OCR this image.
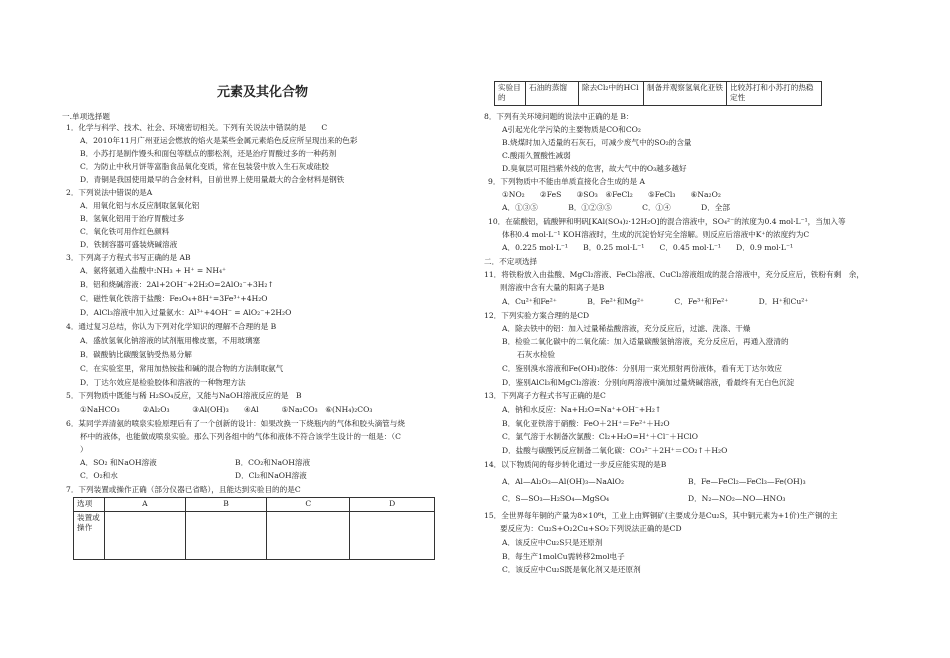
元素及其化合物
一.单项选择题
1．化学与科学、技术、社会、环境密切相关。下列有关说法中错误的是　　C
A．2010年11月广州亚运会燃放的焰火是某些金属元素焰色反应所呈现出来的色彩
B．小苏打是制作馒头和面包等糕点的膨松剂，还是治疗胃酸过多的一种药剂
C．为防止中秋月饼等富脂食品氧化变质，常在包装袋中放入生石灰或硅胶
D．青铜是我国使用最早的合金材料，目前世界上使用量最大的合金材料是钢铁
2．下列说法中错误的是A
A．用氧化铝与水反应制取氢氧化铝
B．氢氧化铝用于治疗胃酸过多
C．氧化铁可用作红色颜料
D．铁制容器可盛装烧碱溶液
3．下列离子方程式书写正确的是 AB
A．氨将氨通入盐酸中:NH₃ + H⁺ = NH₄⁺
B．铝和烧碱溶液：2Al+2OH⁻+2H₂O=2AlO₂⁻+3H₂↑
C．磁性氧化铁溶于盐酸：Fe₃O₄+8H⁺=3Fe³⁺+4H₂O
D．AlCl₃溶液中加入过量氨水：Al³⁺+4OH⁻ = AlO₂⁻+2H₂O
4．通过复习总结，你认为下列对化学知识的理解不合理的是 B
A．盛放氢氧化钠溶液的试剂瓶用橡皮塞，不用玻璃塞
B．碳酸钠比碳酸氢钠受热易分解
C．在实验室里，常用加热铵盐和碱的混合物的方法制取氨气
D．丁达尔效应是检验胶体和溶液的一种物理方法
5．下列物质中既能与稀 H₂SO₄反应，又能与NaOH溶液反应的是　B
①NaHCO₃　　　②Al₂O₃　　　③Al(OH)₃　　④Al　　　⑤Na₂CO₃　⑥(NH₄)₂CO₃
6．某同学弄清氨的喷泉实验原理后有了一个创新的设计：如果改换一下烧瓶内的气体和胶头滴管与烧
杯中的液体，也能做成喷泉实验。那么下列各组中的气体和液体不符合该学生设计的一组是：（C
）
A．SO₂ 和NaOH溶液	B．CO₂和NaOH溶液
C．O₂和水	D．Cl₂和NaOH溶液
7．下列装置或操作正确（部分仪器已省略），且能达到实验目的的是C
选项	A	B	C	D
装置或操作				
实验目的	石油的蒸馏	除去Cl₂中的HCl	制备并观察氢氧化亚铁	比较苏打和小苏打的热稳定性
8．下列有关环境问题的说法中正确的是 B：
A引起光化学污染的主要物质是CO和CO₂
B.烧煤时加入适量的石灰石，可减少废气中的SO₂的含量
C.酸雨久置酸性减弱
D.臭氧层可阻挡紫外线的危害，故大气中的O₃越多越好
9．下列物质中不能由单质直接化合生成的是 A
①NO₂　　②FeS　　③SO₃　④FeCl₂　　⑤FeCl₃　　⑥Na₂O₂
A．①③⑤　　　　B．①②③⑤　　　　C．①④　　　　D．全部
10．在硫酸铝，硫酸钾和明矾[KAl(SO₄)₂·12H₂O]的混合溶液中，SO₄²⁻的浓度为0.4 mol·L⁻¹，当加入等
体积0.4 mol·L⁻¹ KOH溶液时，生成的沉淀恰好完全溶解。则反应后溶液中K⁺的浓度约为C
A．0.225 mol·L⁻¹　　B．0.25 mol·L⁻¹　　C．0.45 mol·L⁻¹　　D．0.9 mol·L⁻¹
二．不定项选择
11．将铁粉放入由盐酸、MgCl₂溶液、FeCl₃溶液、CuCl₂溶液组成的混合溶液中，充分反应后，铁粉有剩　余，
则溶液中含有大量的阳离子是B
A．Cu²⁺和Fe²⁺　　　　B．Fe²⁺和Mg²⁺　　　　C．Fe³⁺和Fe²⁺　　　　D．H⁺和Cu²⁺
12．下列实验方案合理的是CD
A．除去铁中的铝：加入过量稀盐酸溶液，充分反应后，过滤、洗涤、干燥
B．检验二氧化碳中的二氧化硫：加入适量碳酸氢钠溶液，充分反应后，再通入澄清的
　　石灰水检验
C．鉴别溴水溶液和Fe(OH)₃胶体：分别用一束光照射两份液体，看有无丁达尔效应
D．鉴别AlCl₃和MgCl₂溶液：分别向两溶液中滴加过量烧碱溶液，看最终有无白色沉淀
13．下列离子方程式书写正确的是C
A．钠和水反应：Na+H₂O=Na⁺+OH⁻+H₂↑
B．氧化亚铁溶于硝酸：FeO＋2H⁺＝Fe²⁺＋H₂O
C．氯气溶于水制备次氯酸：Cl₂+H₂O=H⁺＋Cl⁻＋HClO
D．盐酸与碳酸钙反应制备二氧化碳：CO₃²⁻＋2H⁺＝CO₂↑＋H₂O
14．以下物质间的每步转化通过一步反应能实现的是B
A．Al—Al₂O₃—Al(OH)₃—NaAlO₂	B．Fe—FeCl₂—FeCl₃—Fe(OH)₃
C．S—SO₃—H₂SO₄—MgSO₄	D．N₂—NO₂—NO—HNO₃
15．全世界每年铜的产量为8×10⁶t，工业上由辉铜矿(主要成分是Cu₂S，其中铜元素为+1价)生产铜的主
要反应为：Cu₂S+O₂2Cu+SO₂下列说法正确的是CD
A．该反应中Cu₂S只是还原剂
B．每生产1molCu需转移2mol电子
C．该反应中Cu₂S既是氧化剂又是还原剂
